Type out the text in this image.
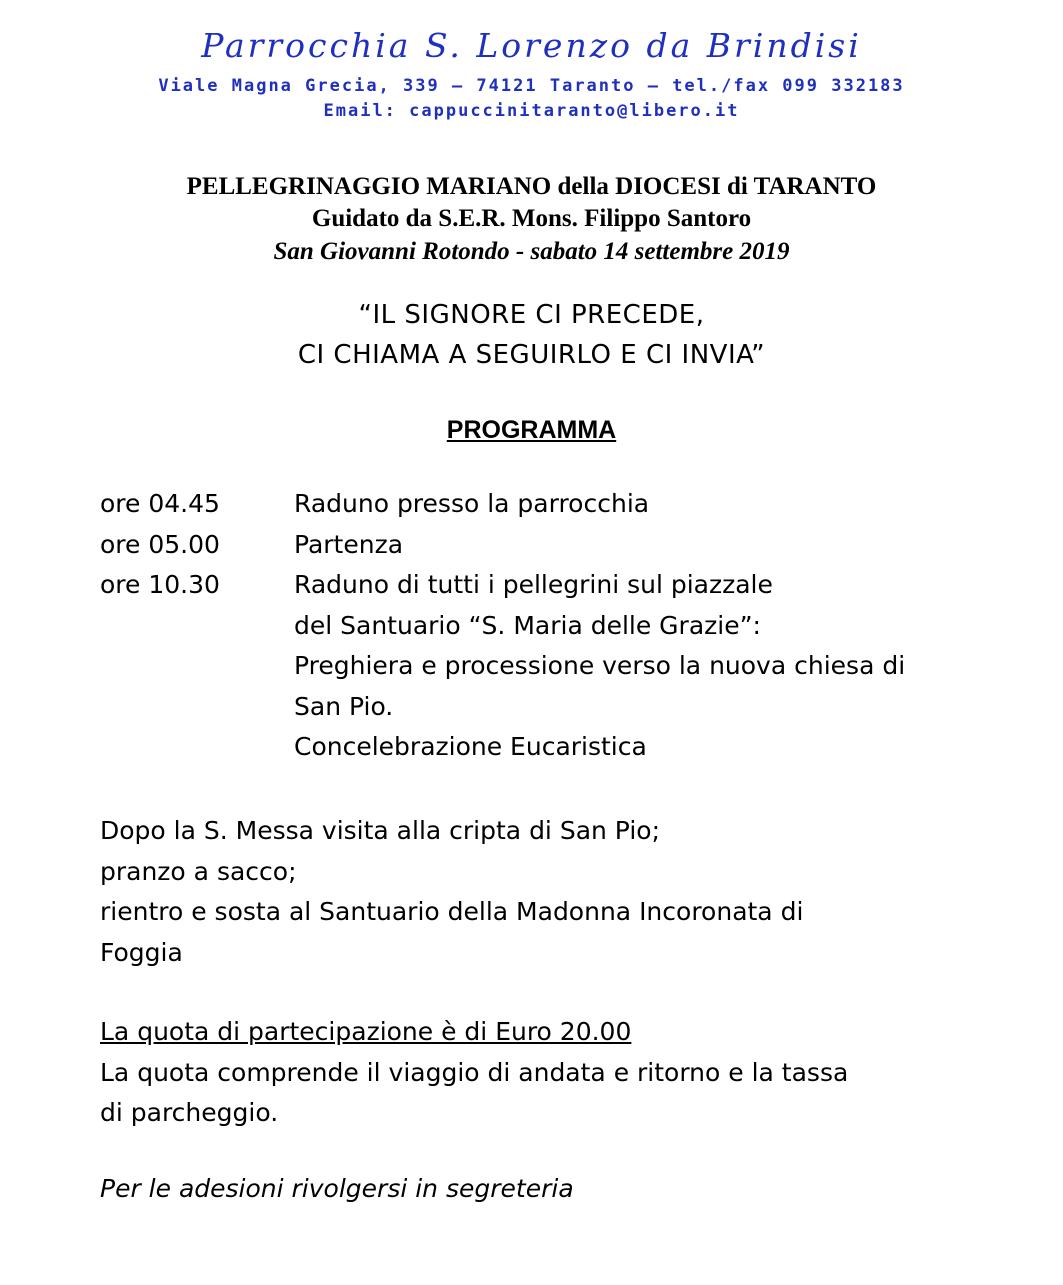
Parrocchia S. Lorenzo da Brindisi
Viale Magna Grecia, 339 – 74121 Taranto – tel./fax 099 332183
Email: cappuccinitaranto@libero.it
PELLEGRINAGGIO MARIANO della DIOCESI di TARANTO
Guidato da S.E.R. Mons. Filippo Santoro
San Giovanni Rotondo - sabato 14 settembre 2019
“IL SIGNORE CI PRECEDE,
CI CHIAMA A SEGUIRLO E CI INVIA”
PROGRAMMA
ore 04.45	Raduno presso la parrocchia
ore 05.00	Partenza
ore 10.30	Raduno di tutti i pellegrini sul piazzale
del Santuario “S. Maria delle Grazie”:
Preghiera e processione verso la nuova chiesa di
San Pio.
Concelebrazione Eucaristica
Dopo la S. Messa visita alla cripta di San Pio;
pranzo a sacco;
rientro e sosta al Santuario della Madonna Incoronata di
Foggia
La quota di partecipazione è di Euro 20.00
La quota comprende il viaggio di andata e ritorno e la tassa
di parcheggio.
Per le adesioni rivolgersi in segreteria
